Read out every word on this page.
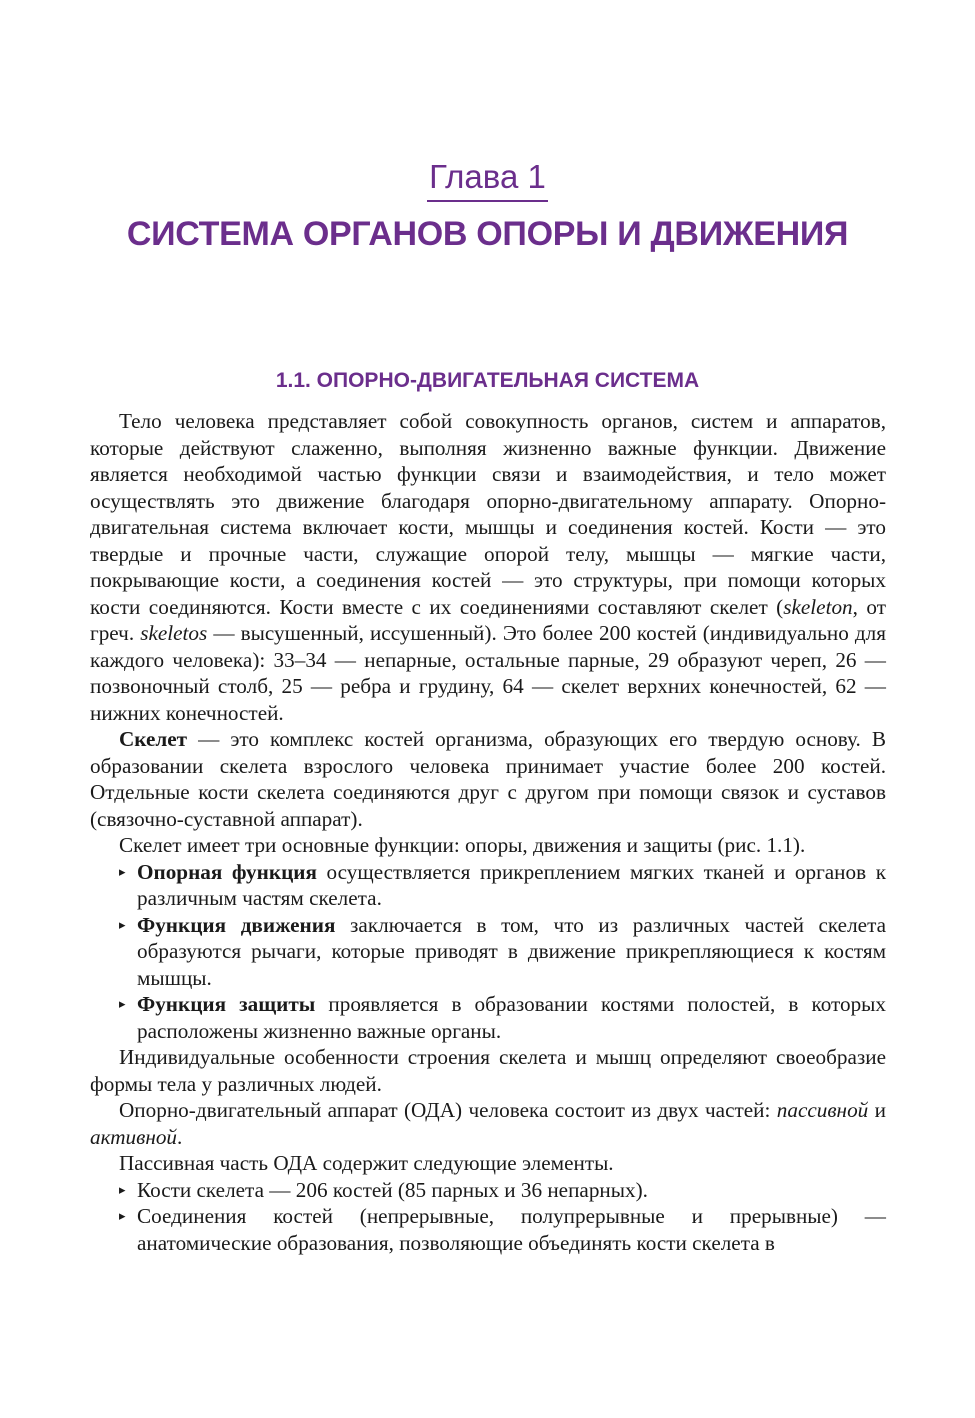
Глава 1
СИСТЕМА ОРГАНОВ ОПОРЫ И ДВИЖЕНИЯ
1.1. ОПОРНО-ДВИГАТЕЛЬНАЯ СИСТЕМА

Тело человека представляет собой совокупность органов, систем и аппаратов, которые действуют слаженно, выполняя жизненно важные функции. Движение является необходимой частью функции связи и взаимодействия, и тело может осуществлять это движение благодаря опорно-двигательному аппарату. Опорно-двигательная система включает кости, мышцы и соединения костей. Кости — это твердые и прочные части, служащие опорой телу, мышцы — мягкие части, покрывающие кости, а соединения костей — это структуры, при помощи которых кости соединяются. Кости вместе с их соединениями составляют скелет (skeleton, от греч. skeletos — высушенный, иссушенный). Это более 200 костей (индивидуально для каждого человека): 33–34 — непарные, остальные парные, 29 образуют череп, 26 — позвоночный столб, 25 — ребра и грудину, 64 — скелет верхних конечностей, 62 — нижних конечностей.

Скелет — это комплекс костей организма, образующих его твердую основу. В образовании скелета взрослого человека принимает участие более 200 костей. Отдельные кости скелета соединяются друг с другом при помощи связок и суставов (связочно-суставной аппарат).

Скелет имеет три основные функции: опоры, движения и защиты (рис. 1.1).

▸ Опорная функция осуществляется прикреплением мягких тканей и органов к различным частям скелета.
▸ Функция движения заключается в том, что из различных частей скелета образуются рычаги, которые приводят в движение прикрепляющиеся к костям мышцы.
▸ Функция защиты проявляется в образовании костями полостей, в которых расположены жизненно важные органы.

Индивидуальные особенности строения скелета и мышц определяют своеобразие формы тела у различных людей.

Опорно-двигательный аппарат (ОДА) человека состоит из двух частей: пассивной и активной.

Пассивная часть ОДА содержит следующие элементы.

▸ Кости скелета — 206 костей (85 парных и 36 непарных).
▸ Соединения костей (непрерывные, полупрерывные и прерывные) — анатомические образования, позволяющие объединять кости скелета в
